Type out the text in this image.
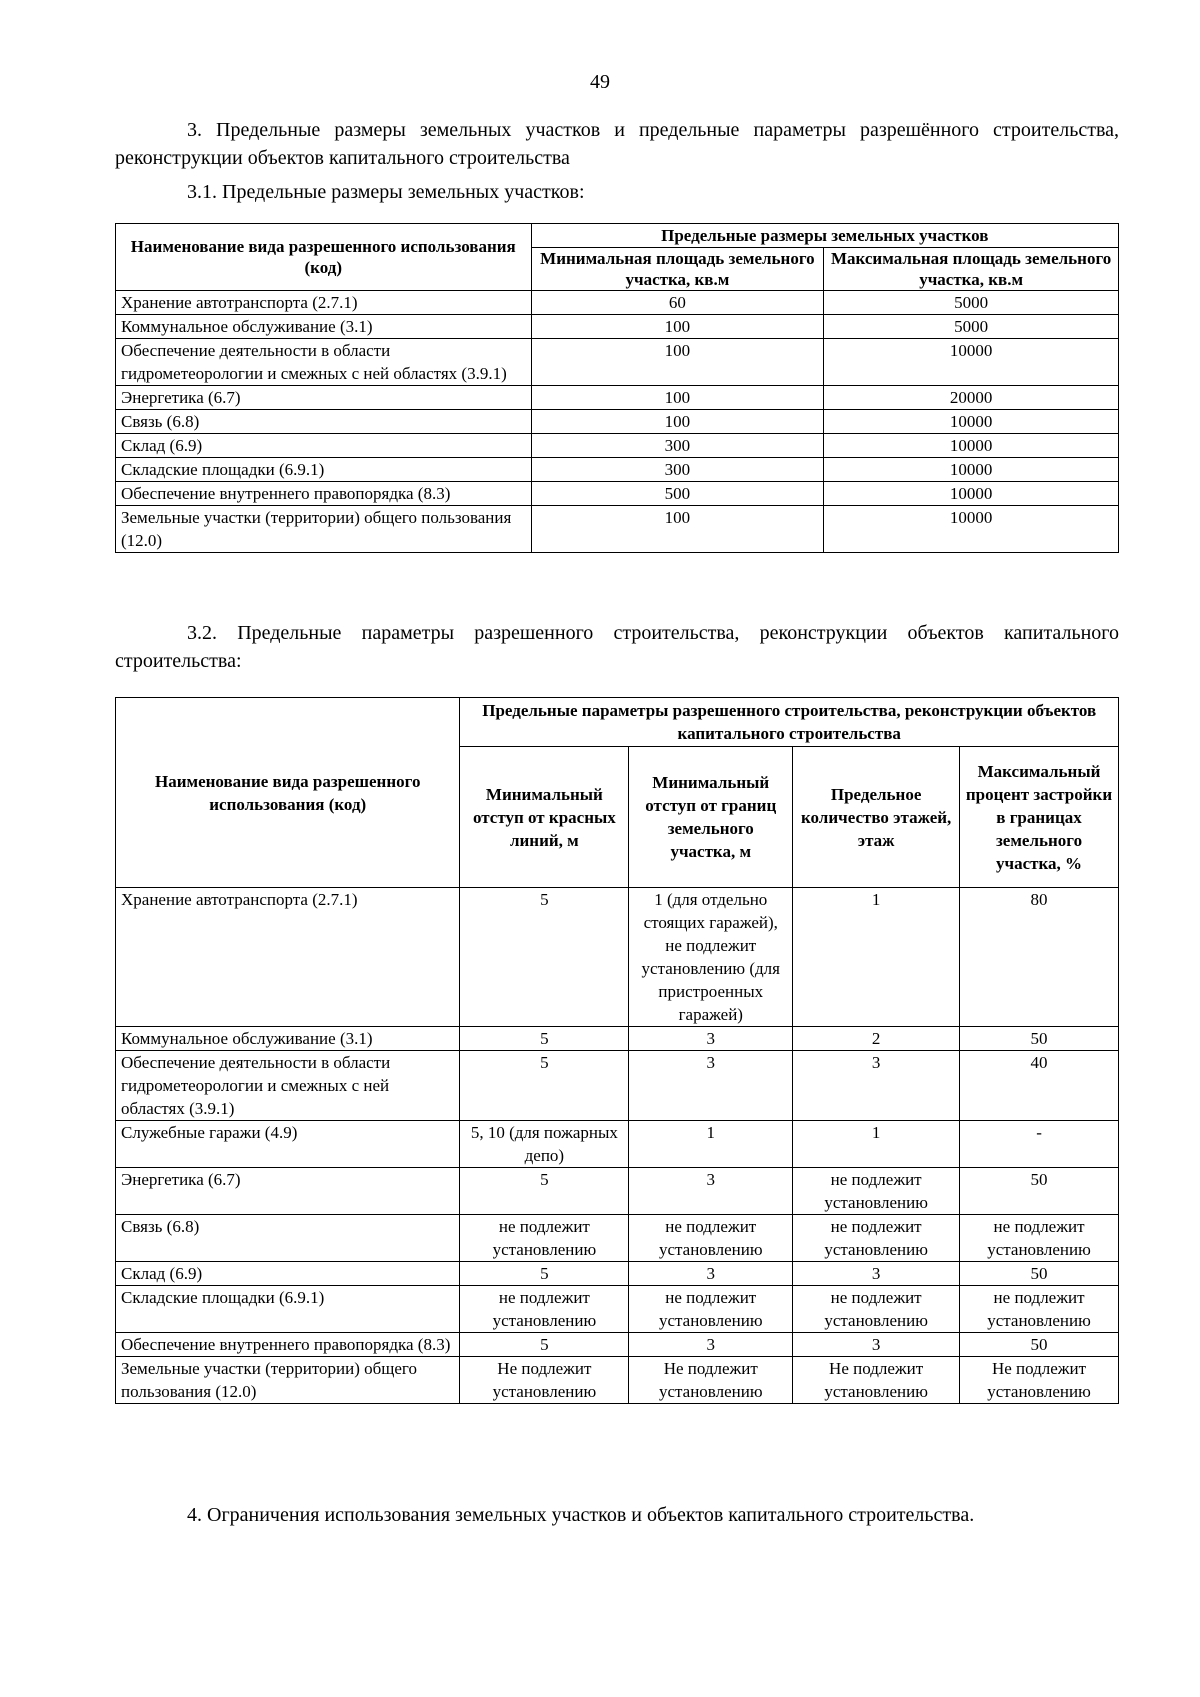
49

3. Предельные размеры земельных участков и предельные параметры разрешённого строительства, реконструкции объектов капитального строительства

3.1. Предельные размеры земельных участков:

Наименование вида разрешенного использования (код)	Предельные размеры земельных участков	
	Минимальная площадь земельного участка, кв.м	Максимальная площадь земельного участка, кв.м
Хранение автотранспорта (2.7.1)	60	5000
Коммунальное обслуживание (3.1)	100	5000
Обеспечение деятельности в области гидрометеорологии и смежных с ней областях (3.9.1)	100	10000
Энергетика (6.7)	100	20000
Связь (6.8)	100	10000
Склад (6.9)	300	10000
Складские площадки (6.9.1)	300	10000
Обеспечение внутреннего правопорядка (8.3)	500	10000
Земельные участки (территории) общего пользования (12.0)	100	10000

3.2. Предельные параметры разрешенного строительства, реконструкции объектов капитального строительства:

Наименование вида разрешенного использования (код)	Предельные параметры разрешенного строительства, реконструкции объектов капитального строительства			
	Минимальный отступ от красных линий, м	Минимальный отступ от границ земельного участка, м	Предельное количество этажей, этаж	Максимальный процент застройки в границах земельного участка, %
Хранение автотранспорта (2.7.1)	5	1 (для отдельно стоящих гаражей), не подлежит установлению (для пристроенных гаражей)	1	80
Коммунальное обслуживание (3.1)	5	3	2	50
Обеспечение деятельности в области гидрометеорологии и смежных с ней областях (3.9.1)	5	3	3	40
Служебные гаражи (4.9)	5, 10 (для пожарных депо)	1	1	-
Энергетика (6.7)	5	3	не подлежит установлению	50
Связь (6.8)	не подлежит установлению	не подлежит установлению	не подлежит установлению	не подлежит установлению
Склад (6.9)	5	3	3	50
Складские площадки (6.9.1)	не подлежит установлению	не подлежит установлению	не подлежит установлению	не подлежит установлению
Обеспечение внутреннего правопорядка (8.3)	5	3	3	50
Земельные участки (территории) общего пользования (12.0)	Не подлежит установлению	Не подлежит установлению	Не подлежит установлению	Не подлежит установлению

4. Ограничения использования земельных участков и объектов капитального строительства.
